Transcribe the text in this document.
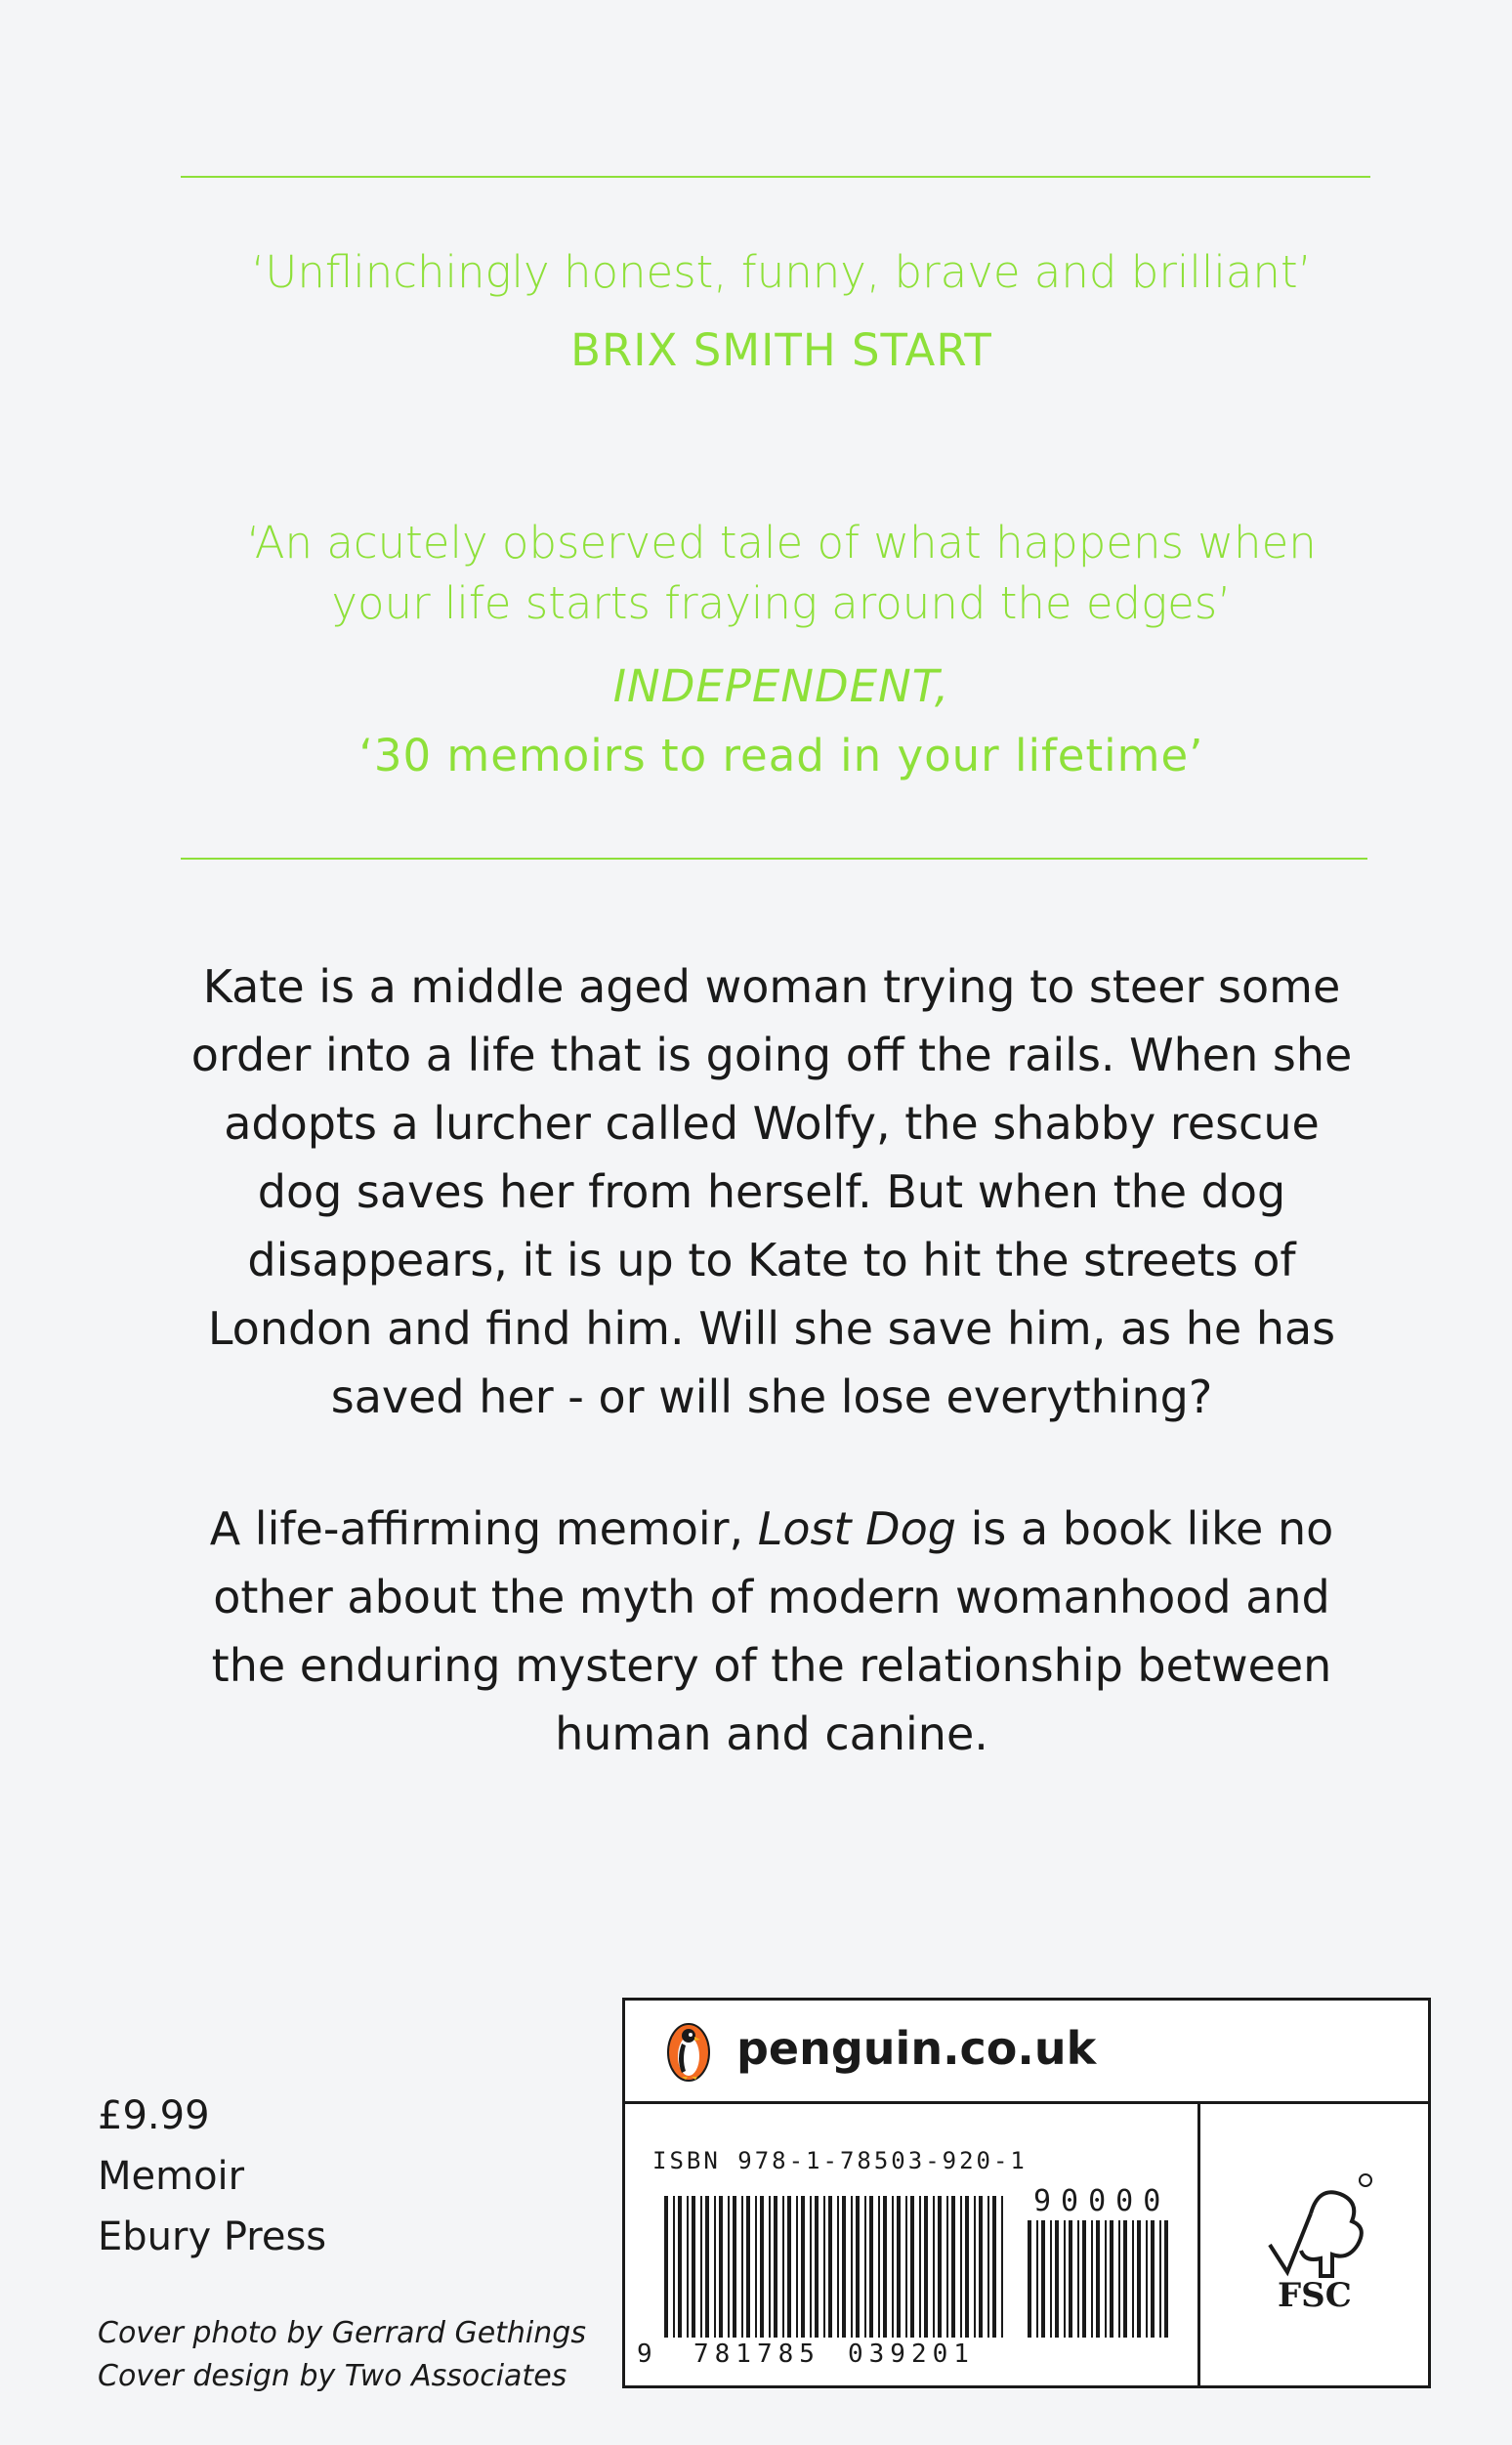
‘Unflinchingly honest, funny, brave and brilliant’
BRIX SMITH START
‘An acutely observed tale of what happens when
your life starts fraying around the edges’
INDEPENDENT,
‘30 memoirs to read in your lifetime’
Kate is a middle aged woman trying to steer some
order into a life that is going off the rails. When she
adopts a lurcher called Wolfy, the shabby rescue
dog saves her from herself. But when the dog
disappears, it is up to Kate to hit the streets of
London and find him. Will she save him, as he has
saved her - or will she lose everything?
A life-affirming memoir, Lost Dog is a book like no
other about the myth of modern womanhood and
the enduring mystery of the relationship between
human and canine.
£9.99
Memoir
Ebury Press
Cover photo by Gerrard Gethings
Cover design by Two Associates
penguin.co.uk
ISBN 978-1-78503-920-1
90000
9 781785 039201
FSC
